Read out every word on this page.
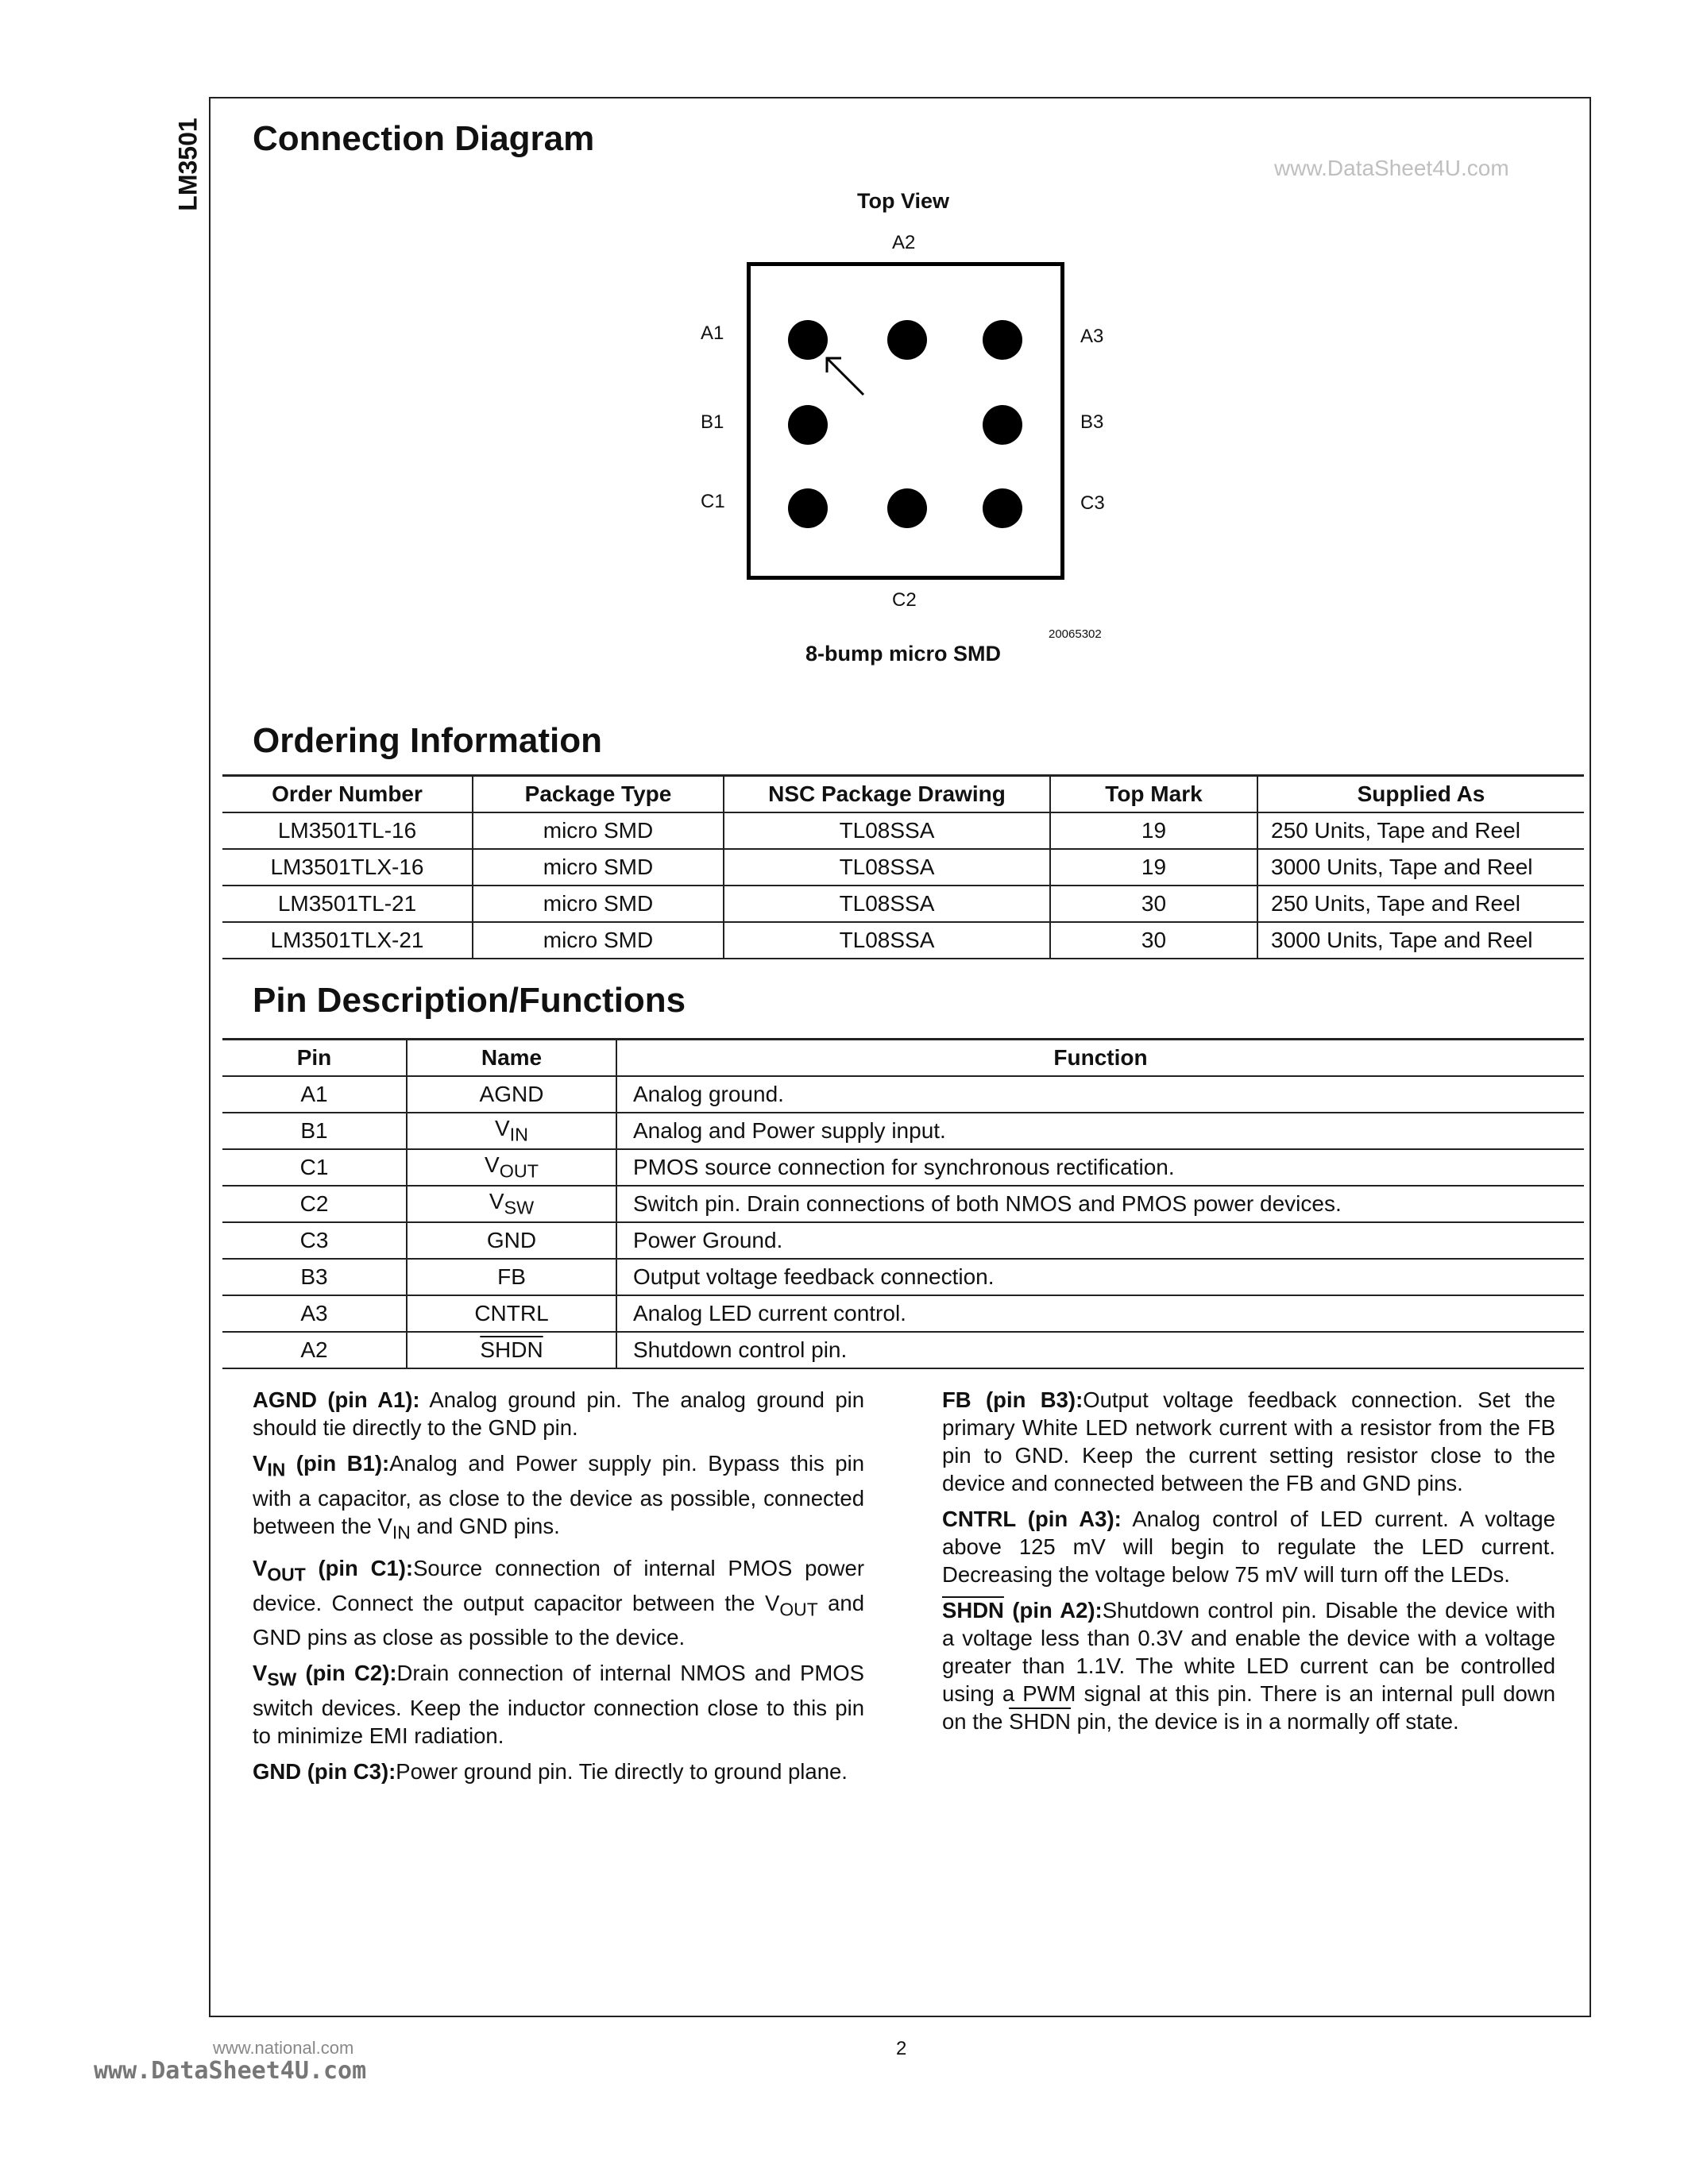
LM3501	www.DataSheet4U.com
Connection Diagram
Top View
A2
A1
B1
C1
A3
B3
C3
C2
20065302
8-bump micro SMD
Ordering Information
Order Number	Package Type	NSC Package Drawing	Top Mark	Supplied As
LM3501TL-16	micro SMD	TL08SSA	19	250 Units, Tape and Reel
LM3501TLX-16	micro SMD	TL08SSA	19	3000 Units, Tape and Reel
LM3501TL-21	micro SMD	TL08SSA	30	250 Units, Tape and Reel
LM3501TLX-21	micro SMD	TL08SSA	30	3000 Units, Tape and Reel
Pin Description/Functions
Pin	Name	Function
A1	AGND	Analog ground.
B1	$V_{IN}$	Analog and Power supply input.
C1	$V_{OUT}$	PMOS source connection for synchronous rectification.
C2	$V_{SW}$	Switch pin. Drain connections of both NMOS and PMOS power devices.
C3	GND	Power Ground.
B3	FB	Output voltage feedback connection.
A3	CNTRL	Analog LED current control.
A2	SHDN	Shutdown control pin.

AGND (pin A1): Analog ground pin. The analog ground pin should tie directly to the GND pin.

$V_{IN}$ (pin B1):Analog and Power supply pin. Bypass this pin with a capacitor, as close to the device as possible, connected between the $V_{IN}$ and GND pins.

$V_{OUT}$ (pin C1):Source connection of internal PMOS power device. Connect the output capacitor between the $V_{OUT}$ and GND pins as close as possible to the device.

$V_{SW}$ (pin C2):Drain connection of internal NMOS and PMOS switch devices. Keep the inductor connection close to this pin to minimize EMI radiation.

GND (pin C3):Power ground pin. Tie directly to ground plane.

FB (pin B3):Output voltage feedback connection. Set the primary White LED network current with a resistor from the FB pin to GND. Keep the current setting resistor close to the device and connected between the FB and GND pins.

CNTRL (pin A3): Analog control of LED current. A voltage above 125 mV will begin to regulate the LED current. Decreasing the voltage below 75 mV will turn off the LEDs.

SHDN (pin A2):Shutdown control pin. Disable the device with a voltage less than 0.3V and enable the device with a voltage greater than 1.1V. The white LED current can be controlled using a PWM signal at this pin. There is an internal pull down on the SHDN pin, the device is in a normally off state.

www.national.com	2
www.DataSheet4U.com
